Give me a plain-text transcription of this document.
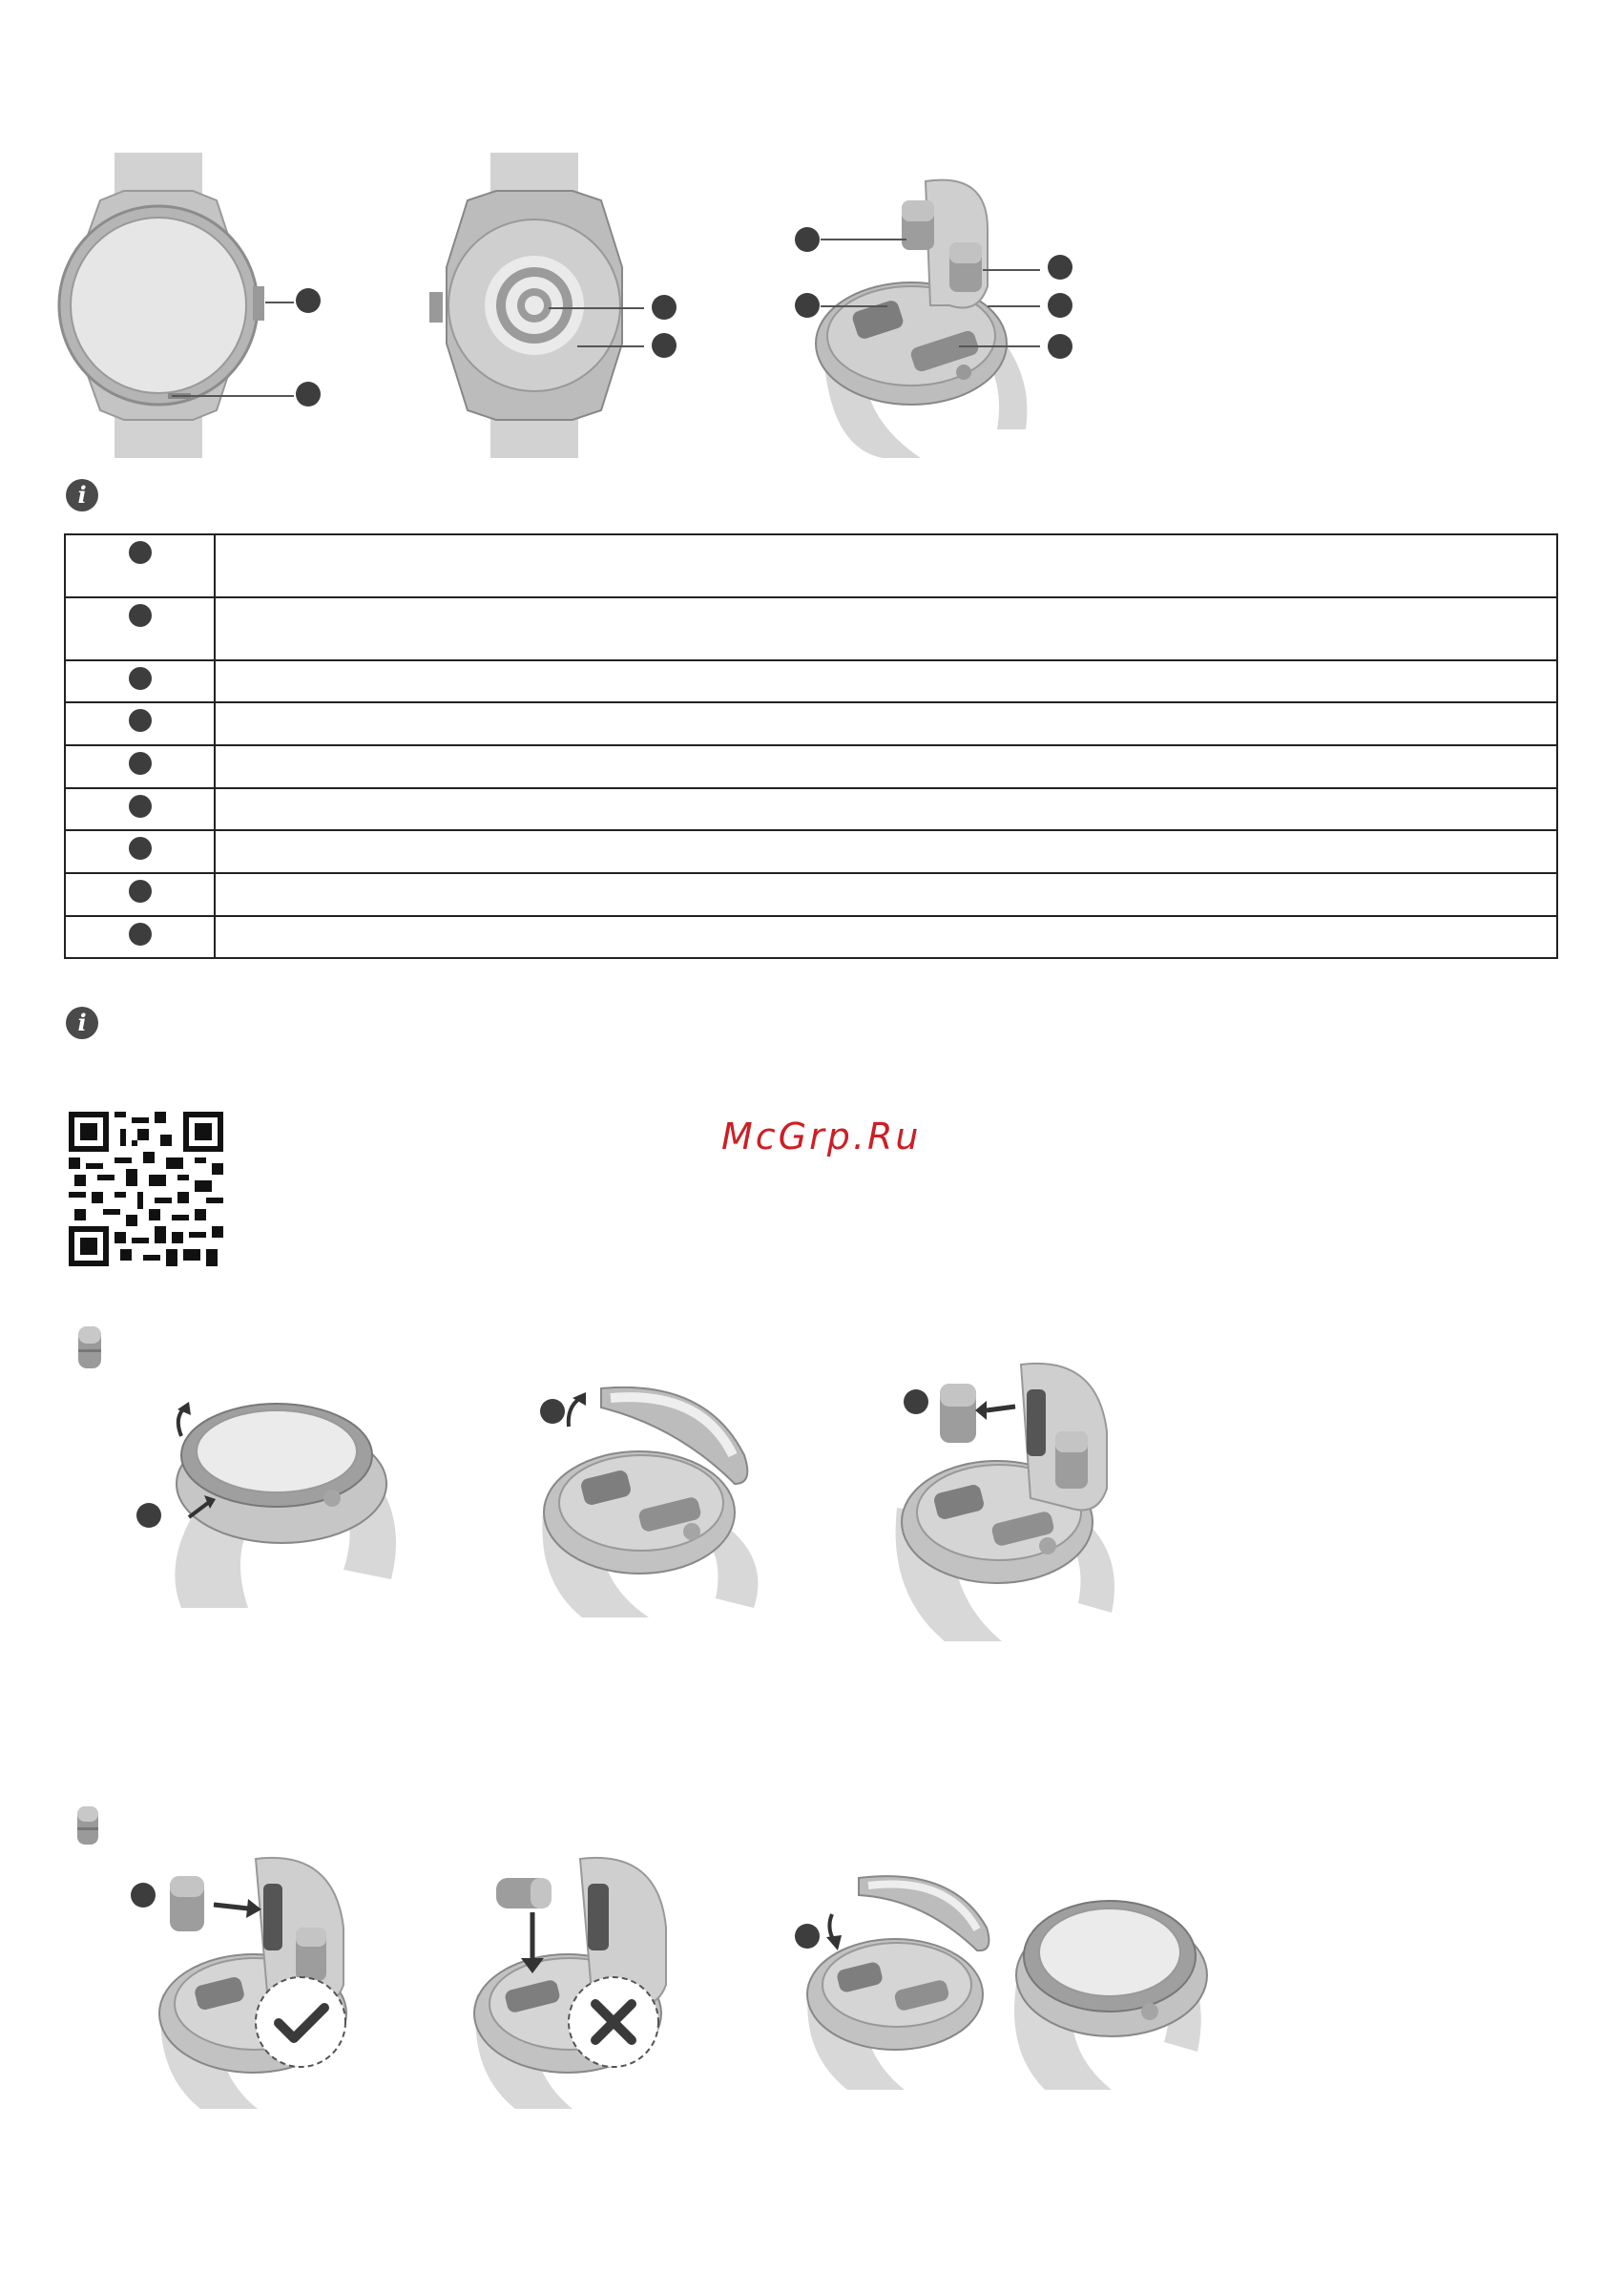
i

i
McGrp.Ru
